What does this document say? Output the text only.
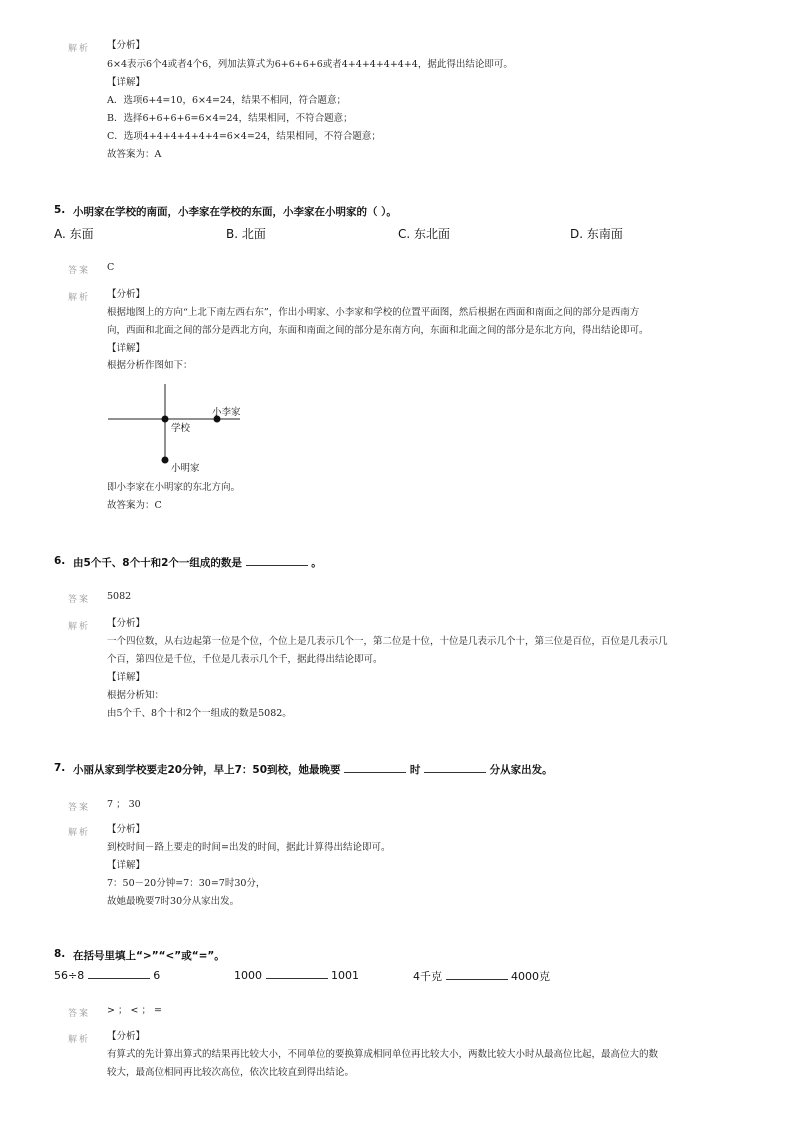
解析 【分析】
6×4表示6个4或者4个6，列加法算式为6+6+6+6或者4+4+4+4+4+4，据此得出结论即可。
【详解】
A．选项6+4=10，6×4=24，结果不相同，符合题意；
B．选择6+6+6+6=6×4=24，结果相同，不符合题意；
C．选项4+4+4+4+4+4=6×4=24，结果相同，不符合题意；
故答案为：A
5. 小明家在学校的南面，小李家在学校的东面，小李家在小明家的（ ）。
A. 东面	B. 北面	C. 东北面	D. 东南面
答案 C
解析 【分析】
根据地图上的方向“上北下南左西右东”，作出小明家、小李家和学校的位置平面图，然后根据在西面和南面之间的部分是西南方
向，西面和北面之间的部分是西北方向，东面和南面之间的部分是东南方向，东面和北面之间的部分是东北方向，得出结论即可。
【详解】
根据分析作图如下：
学校
小李家
小明家
即小李家在小明家的东北方向。
故答案为：C
6. 由5个千、8个十和2个一组成的数是	。
答案 5082
解析 【分析】
一个四位数，从右边起第一位是个位，个位上是几表示几个一，第二位是十位，十位是几表示几个十，第三位是百位，百位是几表示几
个百，第四位是千位，千位是几表示几个千，据此得出结论即可。
【详解】
根据分析知：
由5个千、8个十和2个一组成的数是5082。
7. 小丽从家到学校要走20分钟，早上7：50到校，她最晚要	时	分从家出发。
答案 7 ； 30
解析 【分析】
到校时间－路上要走的时间=出发的时间，据此计算得出结论即可。
【详解】
7：50－20分钟=7：30=7时30分，
故她最晚要7时30分从家出发。
8. 在括号里填上“>”“<”或“=”。
56÷8	6	1000	1001	4千克	4000克
答案 > ； < ； =
解析 【分析】
有算式的先计算出算式的结果再比较大小，不同单位的要换算成相同单位再比较大小，两数比较大小时从最高位比起，最高位大的数
较大，最高位相同再比较次高位，依次比较直到得出结论。
